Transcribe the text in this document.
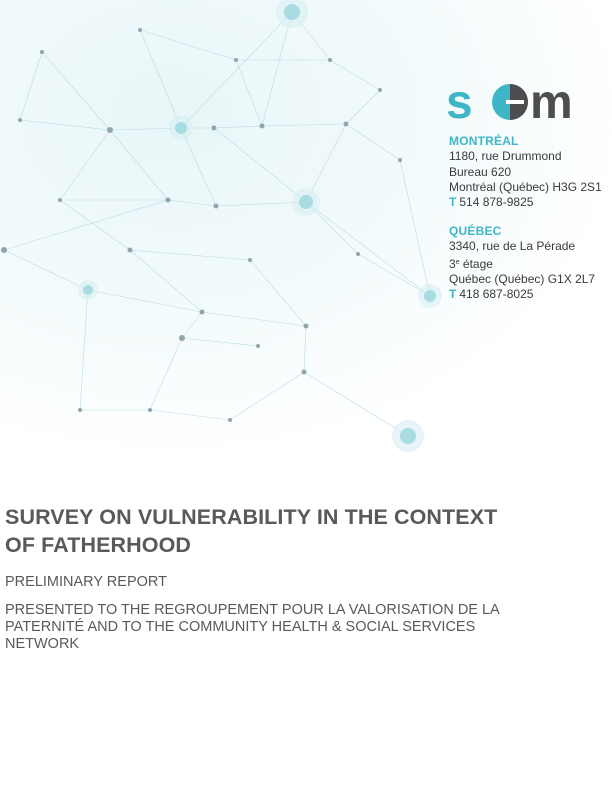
s m
MONTRÉAL
1180, rue Drummond
Bureau 620
Montréal (Québec) H3G 2S1
T 514 878-9825
QUÉBEC
3340, rue de La Pérade
3e étage
Québec (Québec) G1X 2L7
T 418 687-8025
SURVEY ON VULNERABILITY IN THE CONTEXT OF FATHERHOOD
PRELIMINARY REPORT
PRESENTED TO THE REGROUPEMENT POUR LA VALORISATION DE LA PATERNITÉ AND TO THE COMMUNITY HEALTH & SOCIAL SERVICES NETWORK
